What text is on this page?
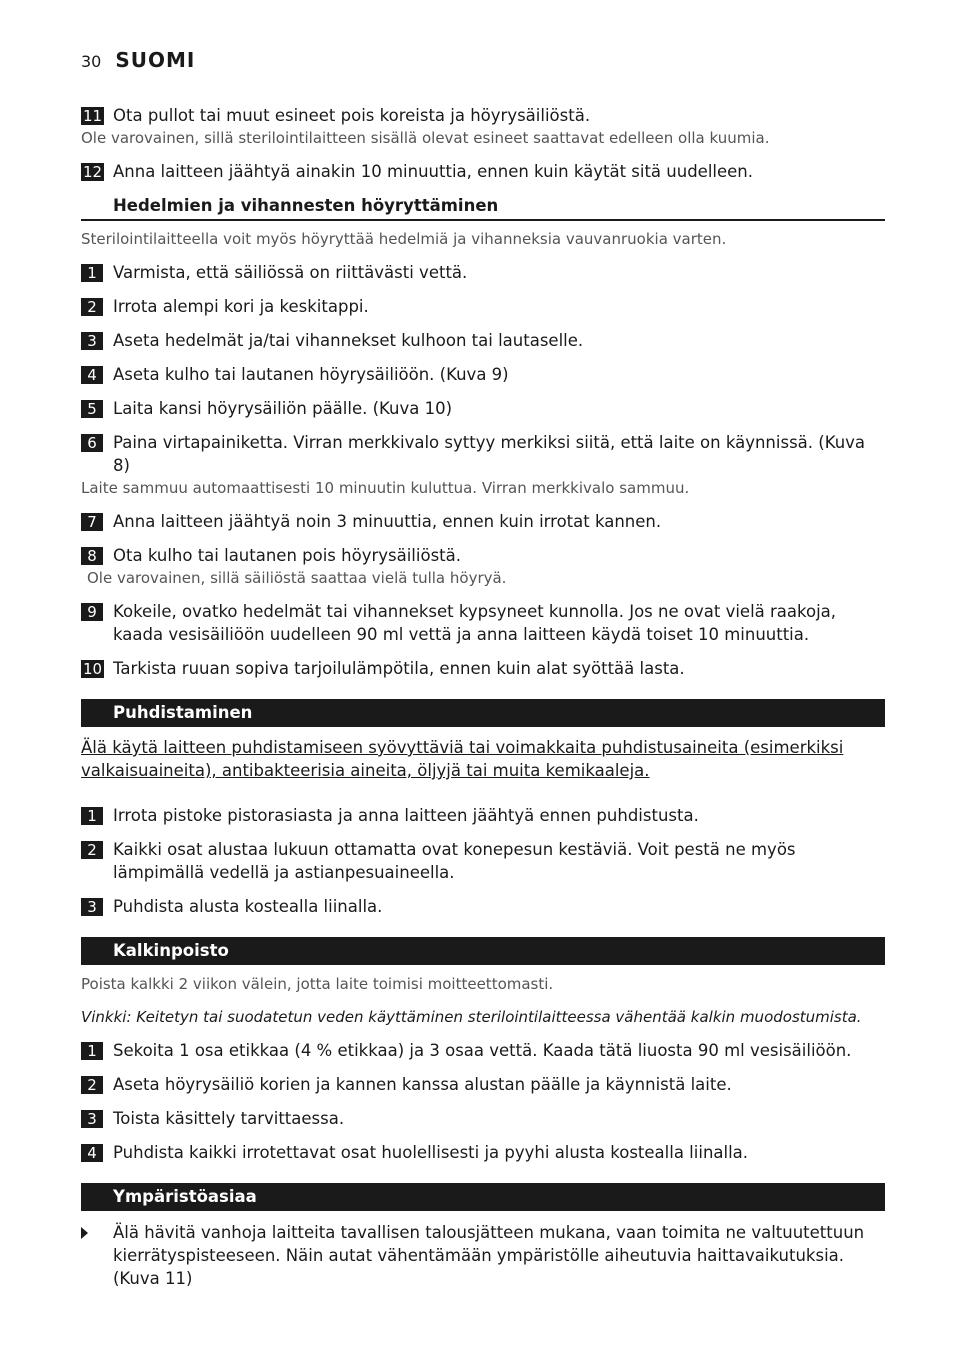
30 SUOMI
11 Ota pullot tai muut esineet pois koreista ja höyrysäiliöstä.
Ole varovainen, sillä sterilointilaitteen sisällä olevat esineet saattavat edelleen olla kuumia.
12 Anna laitteen jäähtyä ainakin 10 minuuttia, ennen kuin käytät sitä uudelleen.
Hedelmien ja vihannesten höyryttäminen
Sterilointilaitteella voit myös höyryttää hedelmiä ja vihanneksia vauvanruokia varten.
1 Varmista, että säiliössä on riittävästi vettä.
2 Irrota alempi kori ja keskitappi.
3 Aseta hedelmät ja/tai vihannekset kulhoon tai lautaselle.
4 Aseta kulho tai lautanen höyrysäiliöön. (Kuva 9)
5 Laita kansi höyrysäiliön päälle. (Kuva 10)
6 Paina virtapainiketta. Virran merkkivalo syttyy merkiksi siitä, että laite on käynnissä. (Kuva 8)
Laite sammuu automaattisesti 10 minuutin kuluttua. Virran merkkivalo sammuu.
7 Anna laitteen jäähtyä noin 3 minuuttia, ennen kuin irrotat kannen.
8 Ota kulho tai lautanen pois höyrysäiliöstä.
Ole varovainen, sillä säiliöstä saattaa vielä tulla höyryä.
9 Kokeile, ovatko hedelmät tai vihannekset kypsyneet kunnolla. Jos ne ovat vielä raakoja, kaada vesisäiliöön uudelleen 90 ml vettä ja anna laitteen käydä toiset 10 minuuttia.
10 Tarkista ruuan sopiva tarjoilulämpötila, ennen kuin alat syöttää lasta.
Puhdistaminen
Älä käytä laitteen puhdistamiseen syövyttäviä tai voimakkaita puhdistusaineita (esimerkiksi valkaisuaineita), antibakteerisia aineita, öljyjä tai muita kemikaaleja.
1 Irrota pistoke pistorasiasta ja anna laitteen jäähtyä ennen puhdistusta.
2 Kaikki osat alustaa lukuun ottamatta ovat konepesun kestäviä. Voit pestä ne myös lämpimällä vedellä ja astianpesuaineella.
3 Puhdista alusta kostealla liinalla.
Kalkinpoisto
Poista kalkki 2 viikon välein, jotta laite toimisi moitteettomasti.
Vinkki: Keitetyn tai suodatetun veden käyttäminen sterilointilaitteessa vähentää kalkin muodostumista.
1 Sekoita 1 osa etikkaa (4 % etikkaa) ja 3 osaa vettä. Kaada tätä liuosta 90 ml vesisäiliöön.
2 Aseta höyrysäiliö korien ja kannen kanssa alustan päälle ja käynnistä laite.
3 Toista käsittely tarvittaessa.
4 Puhdista kaikki irrotettavat osat huolellisesti ja pyyhi alusta kostealla liinalla.
Ympäristöasiaa
Älä hävitä vanhoja laitteita tavallisen talousjätteen mukana, vaan toimita ne valtuutettuun kierrätyspisteeseen. Näin autat vähentämään ympäristölle aiheutuvia haittavaikutuksia. (Kuva 11)
